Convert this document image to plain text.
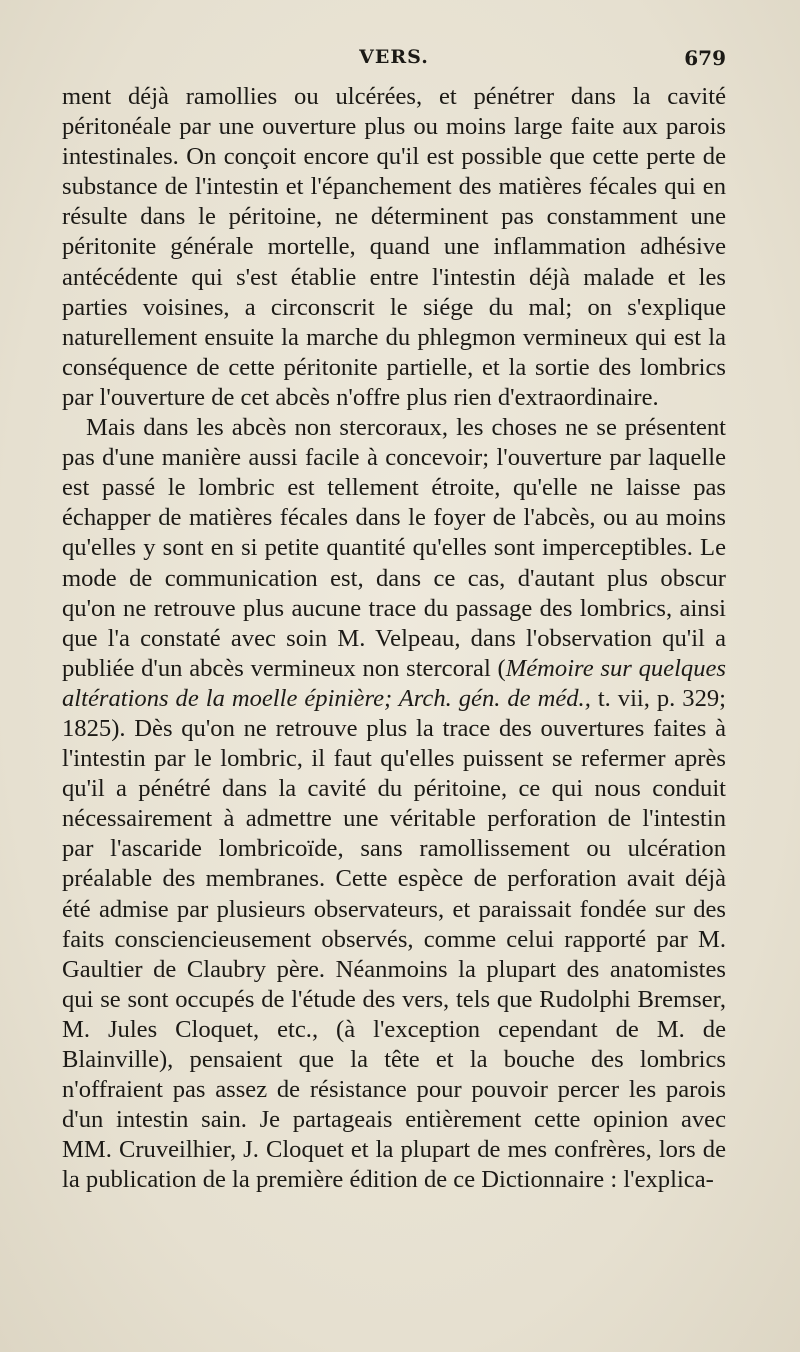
VERS.	679

ment déjà ramollies ou ulcérées, et pénétrer dans la cavité péritonéale par une ouverture plus ou moins large faite aux parois intestinales. On conçoit encore qu'il est possible que cette perte de substance de l'intestin et l'épanchement des matières fécales qui en résulte dans le péritoine, ne déterminent pas constamment une péritonite générale mortelle, quand une inflammation adhésive antécédente qui s'est établie entre l'intestin déjà malade et les parties voisines, a circonscrit le siége du mal; on s'explique naturellement ensuite la marche du phlegmon vermineux qui est la conséquence de cette péritonite partielle, et la sortie des lombrics par l'ouverture de cet abcès n'offre plus rien d'extraordinaire.

Mais dans les abcès non stercoraux, les choses ne se présentent pas d'une manière aussi facile à concevoir; l'ouverture par laquelle est passé le lombric est tellement étroite, qu'elle ne laisse pas échapper de matières fécales dans le foyer de l'abcès, ou au moins qu'elles y sont en si petite quantité qu'elles sont imperceptibles. Le mode de communication est, dans ce cas, d'autant plus obscur qu'on ne retrouve plus aucune trace du passage des lombrics, ainsi que l'a constaté avec soin M. Velpeau, dans l'observation qu'il a publiée d'un abcès vermineux non stercoral (Mémoire sur quelques altérations de la moelle épinière; Arch. gén. de méd., t. vii, p. 329; 1825). Dès qu'on ne retrouve plus la trace des ouvertures faites à l'intestin par le lombric, il faut qu'elles puissent se refermer après qu'il a pénétré dans la cavité du péritoine, ce qui nous conduit nécessairement à admettre une véritable perforation de l'intestin par l'ascaride lombricoïde, sans ramollissement ou ulcération préalable des membranes. Cette espèce de perforation avait déjà été admise par plusieurs observateurs, et paraissait fondée sur des faits consciencieusement observés, comme celui rapporté par M. Gaultier de Claubry père. Néanmoins la plupart des anatomistes qui se sont occupés de l'étude des vers, tels que Rudolphi Bremser, M. Jules Cloquet, etc., (à l'exception cependant de M. de Blainville), pensaient que la tête et la bouche des lombrics n'offraient pas assez de résistance pour pouvoir percer les parois d'un intestin sain. Je partageais entièrement cette opinion avec MM. Cruveilhier, J. Cloquet et la plupart de mes confrères, lors de la publication de la première édition de ce Dictionnaire : l'explica-
